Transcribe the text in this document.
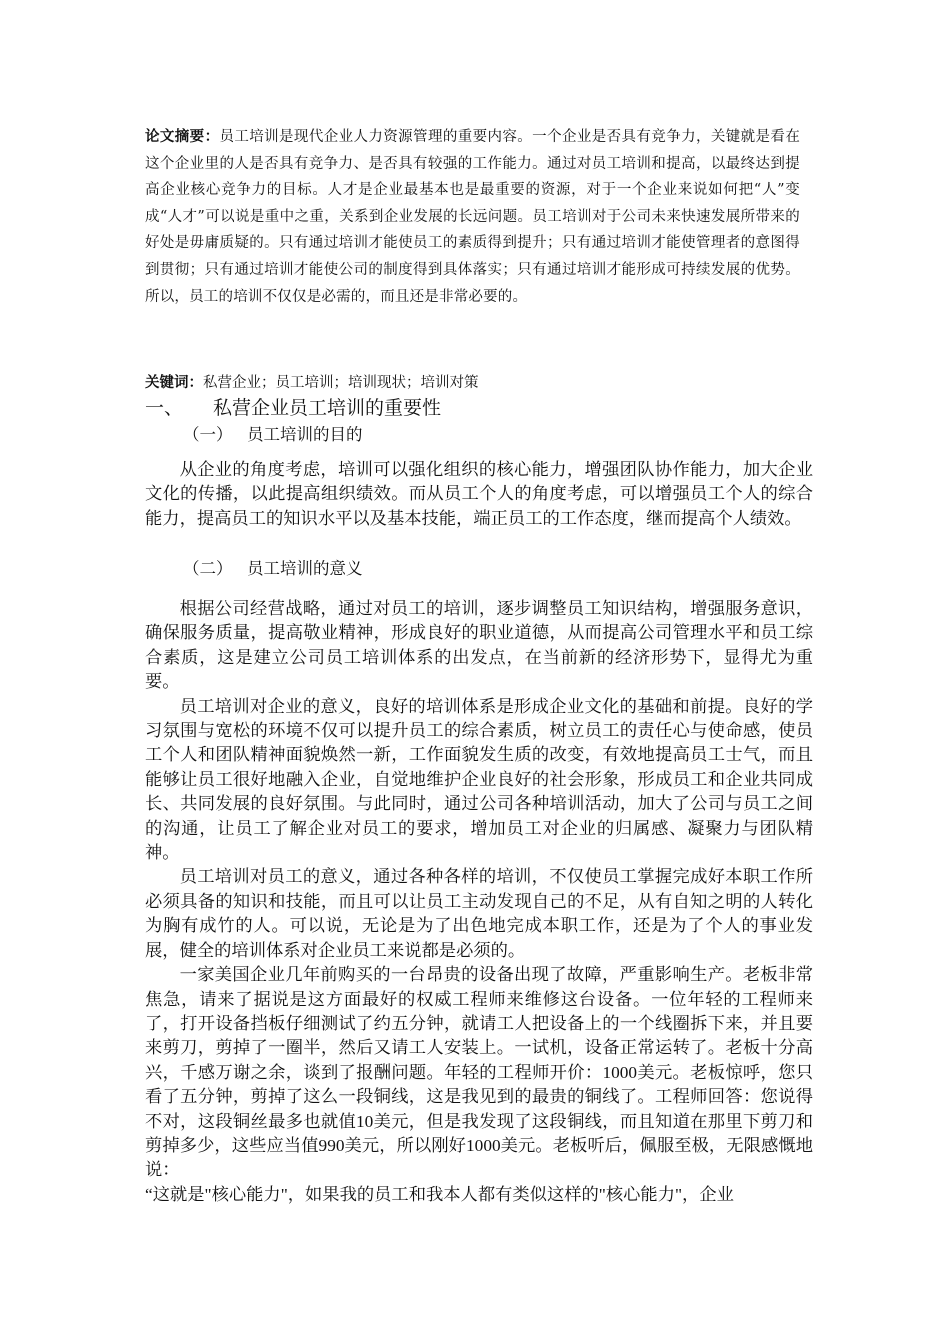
论文摘要：员工培训是现代企业人力资源管理的重要内容。一个企业是否具有竞争力，关键就是看在这个企业里的人是否具有竞争力、是否具有较强的工作能力。通过对员工培训和提高，以最终达到提高企业核心竞争力的目标。人才是企业最基本也是最重要的资源，对于一个企业来说如何把“人”变成“人才”可以说是重中之重，关系到企业发展的长远问题。员工培训对于公司未来快速发展所带来的好处是毋庸质疑的。只有通过培训才能使员工的素质得到提升；只有通过培训才能使管理者的意图得到贯彻；只有通过培训才能使公司的制度得到具体落实；只有通过培训才能形成可持续发展的优势。所以，员工的培训不仅仅是必需的，而且还是非常必要的。
关键词：私营企业；员工培训；培训现状；培训对策
一、 私营企业员工培训的重要性
（一） 员工培训的目的

从企业的角度考虑，培训可以强化组织的核心能力，增强团队协作能力，加大企业文化的传播，以此提高组织绩效。而从员工个人的角度考虑，可以增强员工个人的综合能力，提高员工的知识水平以及基本技能，端正员工的工作态度，继而提高个人绩效。

（二） 员工培训的意义

根据公司经营战略，通过对员工的培训，逐步调整员工知识结构，增强服务意识，确保服务质量，提高敬业精神，形成良好的职业道德，从而提高公司管理水平和员工综合素质，这是建立公司员工培训体系的出发点，在当前新的经济形势下，显得尤为重要。

员工培训对企业的意义，良好的培训体系是形成企业文化的基础和前提。良好的学习氛围与宽松的环境不仅可以提升员工的综合素质，树立员工的责任心与使命感，使员工个人和团队精神面貌焕然一新，工作面貌发生质的改变，有效地提高员工士气，而且能够让员工很好地融入企业，自觉地维护企业良好的社会形象，形成员工和企业共同成长、共同发展的良好氛围。与此同时，通过公司各种培训活动，加大了公司与员工之间的沟通，让员工了解企业对员工的要求，增加员工对企业的归属感、凝聚力与团队精神。

员工培训对员工的意义，通过各种各样的培训，不仅使员工掌握完成好本职工作所必须具备的知识和技能，而且可以让员工主动发现自己的不足，从有自知之明的人转化为胸有成竹的人。可以说，无论是为了出色地完成本职工作，还是为了个人的事业发展，健全的培训体系对企业员工来说都是必须的。

一家美国企业几年前购买的一台昂贵的设备出现了故障，严重影响生产。老板非常焦急，请来了据说是这方面最好的权威工程师来维修这台设备。一位年轻的工程师来了，打开设备挡板仔细测试了约五分钟，就请工人把设备上的一个线圈拆下来，并且要来剪刀，剪掉了一圈半，然后又请工人安装上。一试机，设备正常运转了。老板十分高兴，千感万谢之余，谈到了报酬问题。年轻的工程师开价：1000美元。老板惊呼，您只看了五分钟，剪掉了这么一段铜线，这是我见到的最贵的铜线了。工程师回答：您说得不对，这段铜丝最多也就值10美元，但是我发现了这段铜线，而且知道在那里下剪刀和剪掉多少，这些应当值990美元，所以刚好1000美元。老板听后，佩服至极，无限感慨地说：

“这就是"核心能力"，如果我的员工和我本人都有类似这样的"核心能力"，企业
